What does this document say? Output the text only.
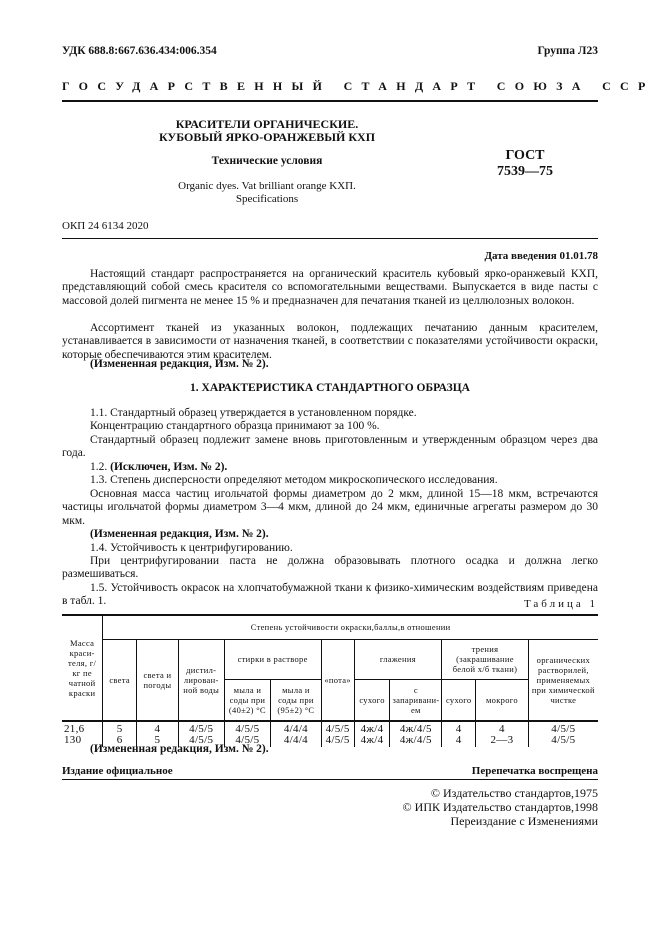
УДК 688.8:667.636.434:006.354	Группа Л23
ГОСУДАРСТВЕННЫЙ СТАНДАРТ СОЮЗА ССР
КРАСИТЕЛИ ОРГАНИЧЕСКИЕ.
КУБОВЫЙ ЯРКО-ОРАНЖЕВЫЙ КХП
Технические условия
Organic dyes. Vat brilliant orange KXП.
Specifications
ГОСТ
7539—75
ОКП 24 6134 2020
Дата введения 01.01.78
Настоящий стандарт распространяется на органический краситель кубовый ярко-оранжевый КХП, представляющий собой смесь красителя со вспомогательными веществами. Выпускается в виде пасты с массовой долей пигмента не менее 15 % и предназначен для печатания тканей из целлюлозных волокон.
Ассортимент тканей из указанных волокон, подлежащих печатанию данным красителем, устанавливается в зависимости от назначения тканей, в соответствии с показателями устойчивости окраски, которые обеспечиваются этим красителем.
(Измененная редакция, Изм. № 2).
1. ХАРАКТЕРИСТИКА СТАНДАРТНОГО ОБРАЗЦА
1.1. Стандартный образец утверждается в установленном порядке.
Концентрацию стандартного образца принимают за 100 %.
Стандартный образец подлежит замене вновь приготовленным и утвержденным образцом через два года.
1.2. (Исключен, Изм. № 2).
1.3. Степень дисперсности определяют методом микроскопического исследования.
Основная масса частиц игольчатой формы диаметром до 2 мкм, длиной 15—18 мкм, встречаются частицы игольчатой формы диаметром 3—4 мкм, длиной до 24 мкм, единичные агрегаты размером до 30 мкм.
(Измененная редакция, Изм. № 2).
1.4. Устойчивость к центрифугированию.
При центрифугировании паста не должна образовывать плотного осадка и должна легко размешиваться.
1.5. Устойчивость окрасок на хлопчатобумажной ткани к физико-химическим воздействиям приведена в табл. 1.	Таблица 1
Масса краси-теля, г/кг пе чатной краски	Степень устойчивости окраски,баллы,в отношении										
	света	света и погоды	дистил-лирован-ной воды	стирки в растворе		«пота»	глажения		трения (закрашивание белой х/б ткани)		органических растворилей, применяемых при химической чистке
				мыла и соды при (40±2) °С	мыла и соды при (95±2) °С		сухого	с запариванием	сухого	мокрого	
21,6	5	4	4/5/5	4/5/5	4/4/4	4/5/5	4ж/4	4ж/4/5	4	4	4/5/5
130	6	5	4/5/5	4/5/5	4/4/4	4/5/5	4ж/4	4ж/4/5	4	2—3	4/5/5
(Измененная редакция, Изм. № 2).
Издание официальное	Перепечатка воспрещена
© Издательство стандартов,1975
© ИПК Издательство стандартов,1998
Переиздание с Изменениями
